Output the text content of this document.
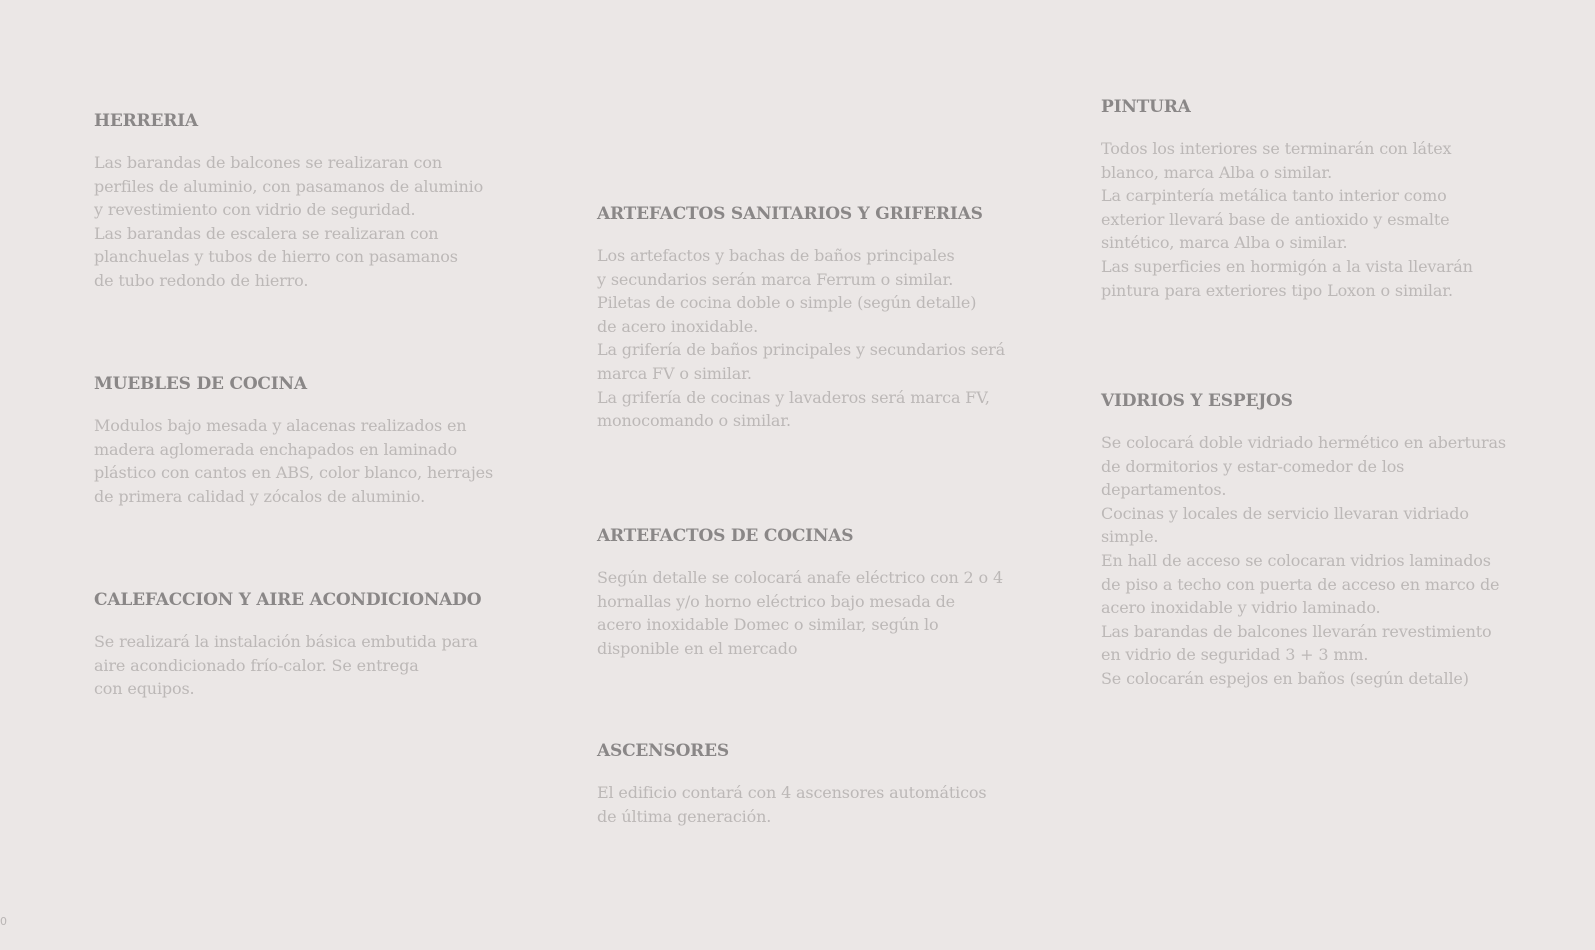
HERRERIA
Las barandas de balcones se realizaran con
perfiles de aluminio, con pasamanos de aluminio
y revestimiento con vidrio de seguridad.
Las barandas de escalera se realizaran con
planchuelas y tubos de hierro con pasamanos
de tubo redondo de hierro.
MUEBLES DE COCINA
Modulos bajo mesada y alacenas realizados en
madera aglomerada enchapados en laminado
plástico con cantos en ABS, color blanco, herrajes
de primera calidad y zócalos de aluminio.
CALEFACCION Y AIRE ACONDICIONADO
Se realizará la instalación básica embutida para
aire acondicionado frío-calor. Se entrega
con equipos.
ARTEFACTOS SANITARIOS Y GRIFERIAS
Los artefactos y bachas de baños principales
y secundarios serán marca Ferrum o similar.
Piletas de cocina doble o simple (según detalle)
de acero inoxidable.
La grifería de baños principales y secundarios será
marca FV o similar.
La grifería de cocinas y lavaderos será marca FV,
monocomando o similar.
ARTEFACTOS DE COCINAS
Según detalle se colocará anafe eléctrico con 2 o 4
hornallas y/o horno eléctrico bajo mesada de
acero inoxidable Domec o similar, según lo
disponible en el mercado
ASCENSORES
El edificio contará con 4 ascensores automáticos
de última generación.
PINTURA
Todos los interiores se terminarán con látex
blanco, marca Alba o similar.
La carpintería metálica tanto interior como
exterior llevará base de antioxido y esmalte
sintético, marca Alba o similar.
Las superficies en hormigón a la vista llevarán
pintura para exteriores tipo Loxon o similar.
VIDRIOS Y ESPEJOS
Se colocará doble vidriado hermético en aberturas
de dormitorios y estar-comedor de los
departamentos.
Cocinas y locales de servicio llevaran vidriado
simple.
En hall de acceso se colocaran vidrios laminados
de piso a techo con puerta de acceso en marco de
acero inoxidable y vidrio laminado.
Las barandas de balcones llevarán revestimiento
en vidrio de seguridad 3 + 3 mm.
Se colocarán espejos en baños (según detalle)
0
